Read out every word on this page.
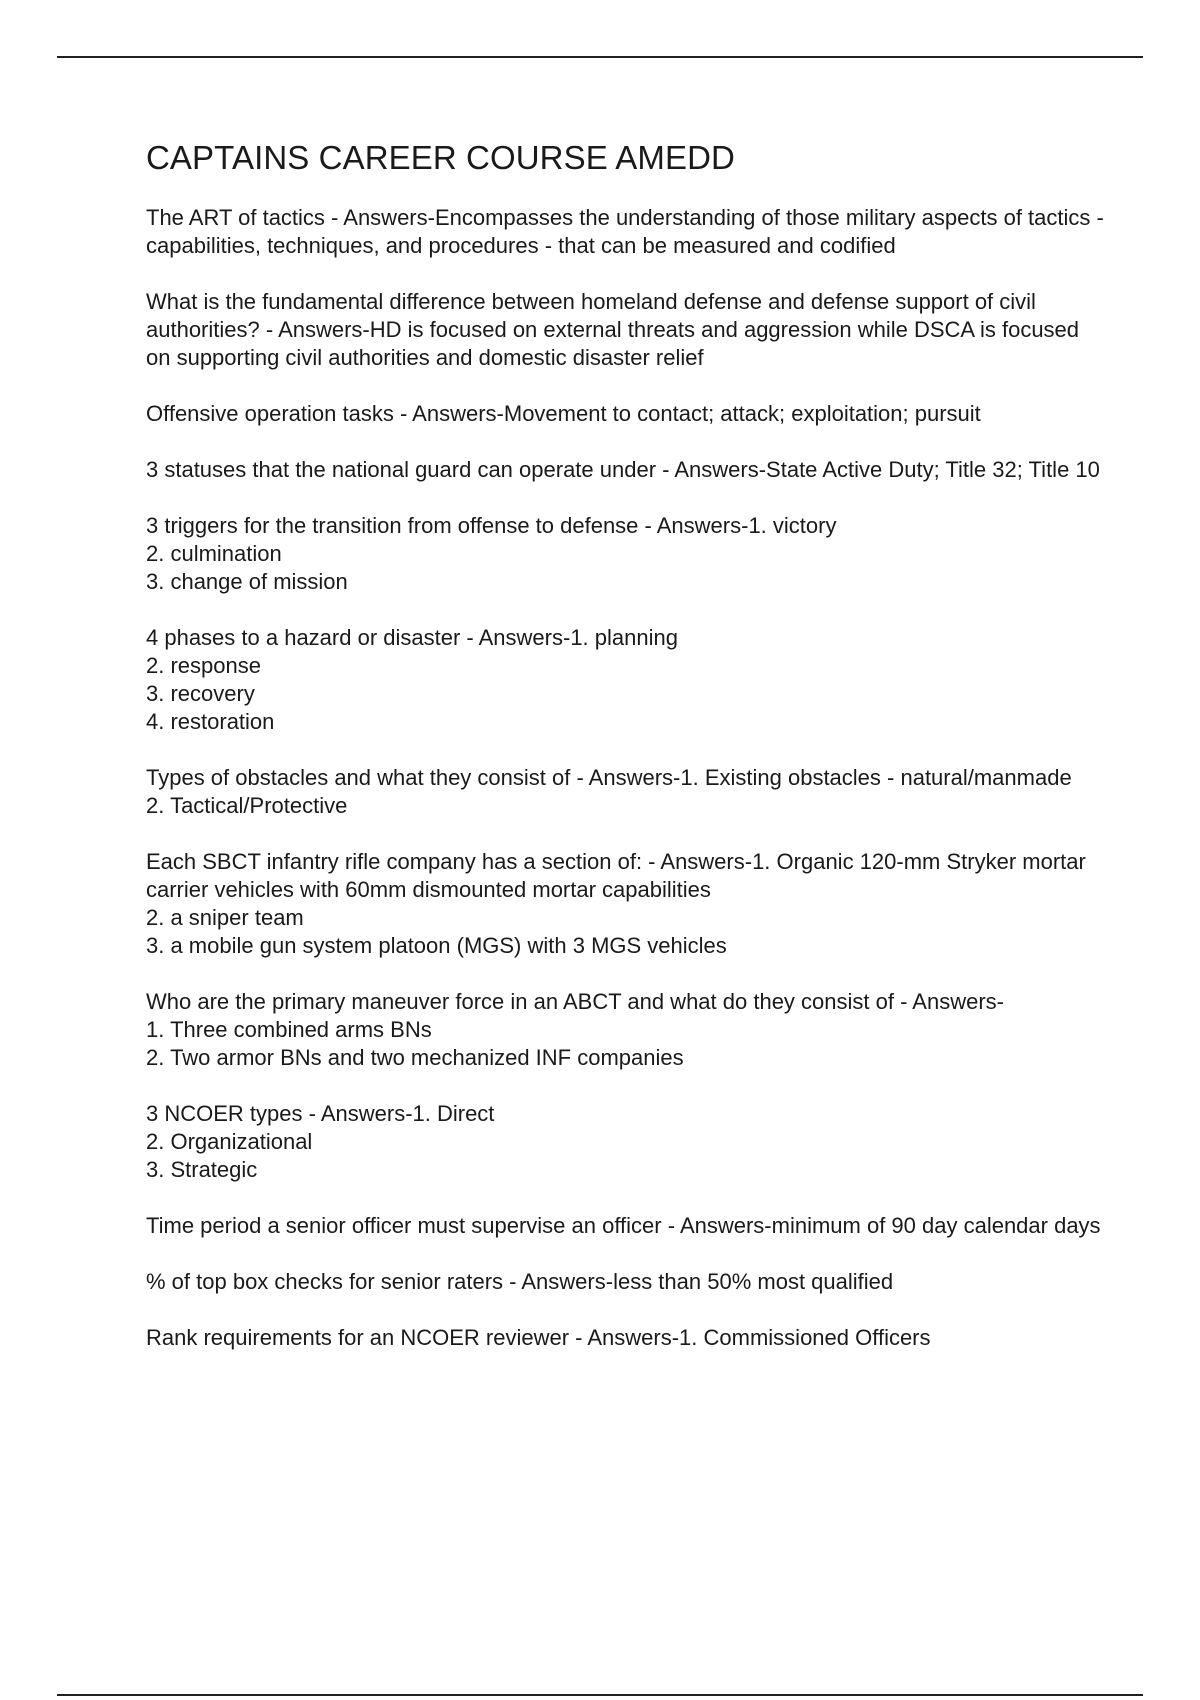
CAPTAINS CAREER COURSE AMEDD
The ART of tactics - Answers-Encompasses the understanding of those military aspects of tactics - capabilities, techniques, and procedures - that can be measured and codified
What is the fundamental difference between homeland defense and defense support of civil authorities? - Answers-HD is focused on external threats and aggression while DSCA is focused on supporting civil authorities and domestic disaster relief
Offensive operation tasks - Answers-Movement to contact; attack; exploitation; pursuit
3 statuses that the national guard can operate under - Answers-State Active Duty; Title 32; Title 10
3 triggers for the transition from offense to defense - Answers-1. victory
2. culmination
3. change of mission
4 phases to a hazard or disaster - Answers-1. planning
2. response
3. recovery
4. restoration
Types of obstacles and what they consist of - Answers-1. Existing obstacles - natural/manmade
2. Tactical/Protective
Each SBCT infantry rifle company has a section of: - Answers-1. Organic 120-mm Stryker mortar carrier vehicles with 60mm dismounted mortar capabilities
2. a sniper team
3. a mobile gun system platoon (MGS) with 3 MGS vehicles
Who are the primary maneuver force in an ABCT and what do they consist of - Answers-
1. Three combined arms BNs
2. Two armor BNs and two mechanized INF companies
3 NCOER types - Answers-1. Direct
2. Organizational
3. Strategic
Time period a senior officer must supervise an officer - Answers-minimum of 90 day calendar days
% of top box checks for senior raters - Answers-less than 50% most qualified
Rank requirements for an NCOER reviewer - Answers-1. Commissioned Officers
